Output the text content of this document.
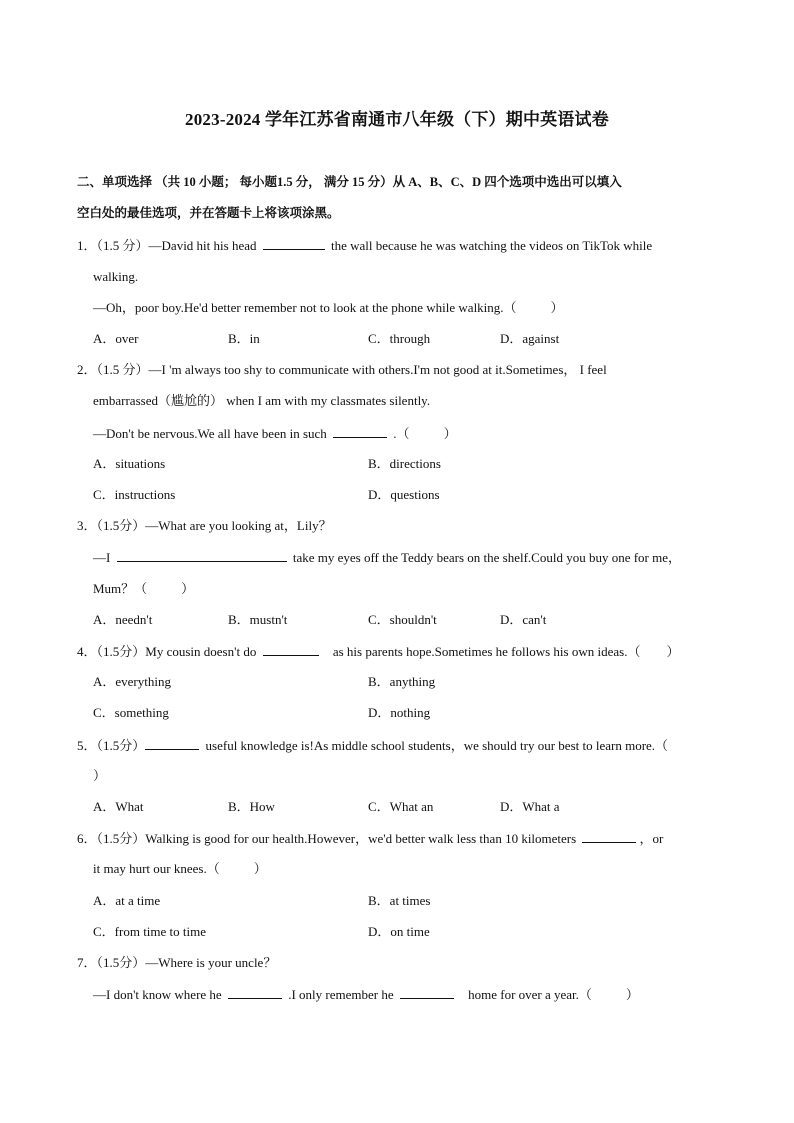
2023-2024 学年江苏省南通市八年级（下）期中英语试卷
二、单项选择 （共 10 小题； 每小题1.5 分， 满分 15 分）从 A、B、C、D 四个选项中选出可以填入
空白处的最佳选项，并在答题卡上将该项涂黑。
1．（1.5 分）—David hit his head	the wall because he was watching the videos on TikTok while
walking.
—Oh，poor boy.He'd better remember not to look at the phone while walking.（	）
A．over	B．in	C．through	D．against
2．（1.5 分）—I 'm always too shy to communicate with others.I'm not good at it.Sometimes， I feel
embarrassed（尴尬的） when I am with my classmates silently.
—Don't be nervous.We all have been in such	.（	）
A．situations	B．directions
C．instructions	D．questions
3．（1.5分）—What are you looking at，Lily？
—I	take my eyes off the Teddy bears on the shelf.Could you buy one for me，
Mum？（	）
A．needn't	B．mustn't	C．shouldn't	D．can't
4．（1.5分）My cousin doesn't do	as his parents hope.Sometimes he follows his own ideas.（ ）
A．everything	B．anything
C．something	D．nothing
5．（1.5分）	useful knowledge is!As middle school students，we should try our best to learn more.（
）
A．What	B．How	C．What an	D．What a
6．（1.5分）Walking is good for our health.However，we'd better walk less than 10 kilometers	，or
it may hurt our knees.（	）
A．at a time	B．at times
C．from time to time	D．on time
7．（1.5分）—Where is your uncle？
—I don't know where he	.I only remember he	home for over a year.（	）
